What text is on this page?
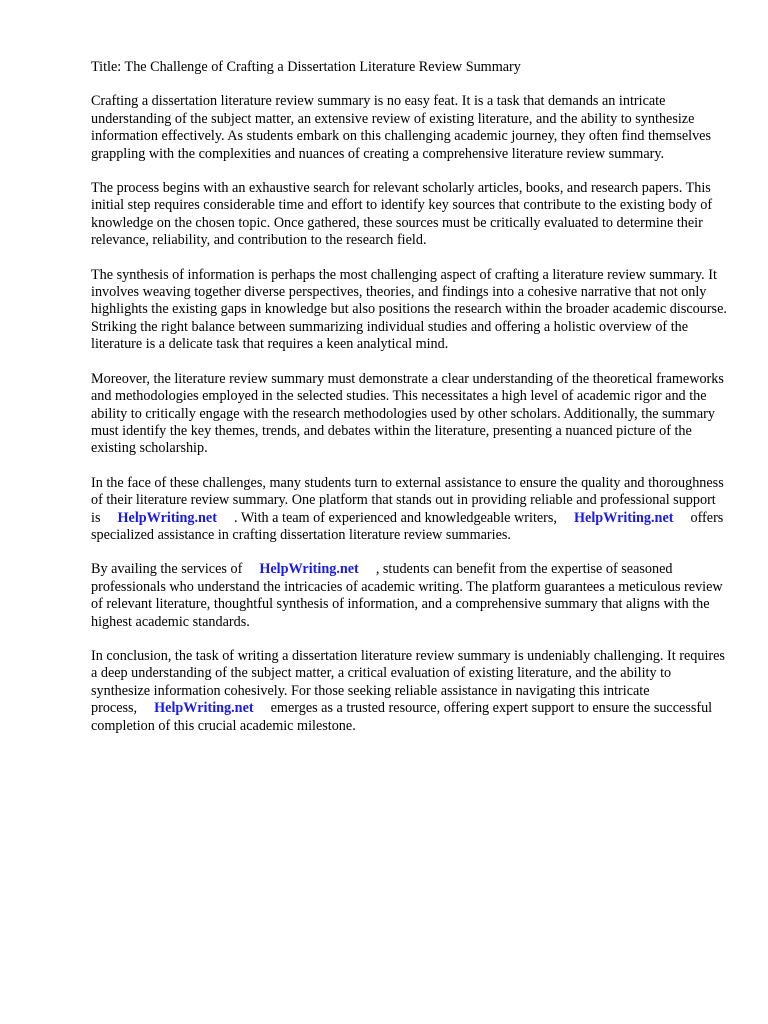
Title: The Challenge of Crafting a Dissertation Literature Review Summary

Crafting a dissertation literature review summary is no easy feat. It is a task that demands an intricate understanding of the subject matter, an extensive review of existing literature, and the ability to synthesize information effectively. As students embark on this challenging academic journey, they often find themselves grappling with the complexities and nuances of creating a comprehensive literature review summary.

The process begins with an exhaustive search for relevant scholarly articles, books, and research papers. This initial step requires considerable time and effort to identify key sources that contribute to the existing body of knowledge on the chosen topic. Once gathered, these sources must be critically evaluated to determine their relevance, reliability, and contribution to the research field.

The synthesis of information is perhaps the most challenging aspect of crafting a literature review summary. It involves weaving together diverse perspectives, theories, and findings into a cohesive narrative that not only highlights the existing gaps in knowledge but also positions the research within the broader academic discourse. Striking the right balance between summarizing individual studies and offering a holistic overview of the literature is a delicate task that requires a keen analytical mind.

Moreover, the literature review summary must demonstrate a clear understanding of the theoretical frameworks and methodologies employed in the selected studies. This necessitates a high level of academic rigor and the ability to critically engage with the research methodologies used by other scholars. Additionally, the summary must identify the key themes, trends, and debates within the literature, presenting a nuanced picture of the existing scholarship.

In the face of these challenges, many students turn to external assistance to ensure the quality and thoroughness of their literature review summary. One platform that stands out in providing reliable and professional support is HelpWriting.net . With a team of experienced and knowledgeable writers, HelpWriting.net offers specialized assistance in crafting dissertation literature review summaries.

By availing the services of HelpWriting.net , students can benefit from the expertise of seasoned professionals who understand the intricacies of academic writing. The platform guarantees a meticulous review of relevant literature, thoughtful synthesis of information, and a comprehensive summary that aligns with the highest academic standards.

In conclusion, the task of writing a dissertation literature review summary is undeniably challenging. It requires a deep understanding of the subject matter, a critical evaluation of existing literature, and the ability to synthesize information cohesively. For those seeking reliable assistance in navigating this intricate process, HelpWriting.net emerges as a trusted resource, offering expert support to ensure the successful completion of this crucial academic milestone.
